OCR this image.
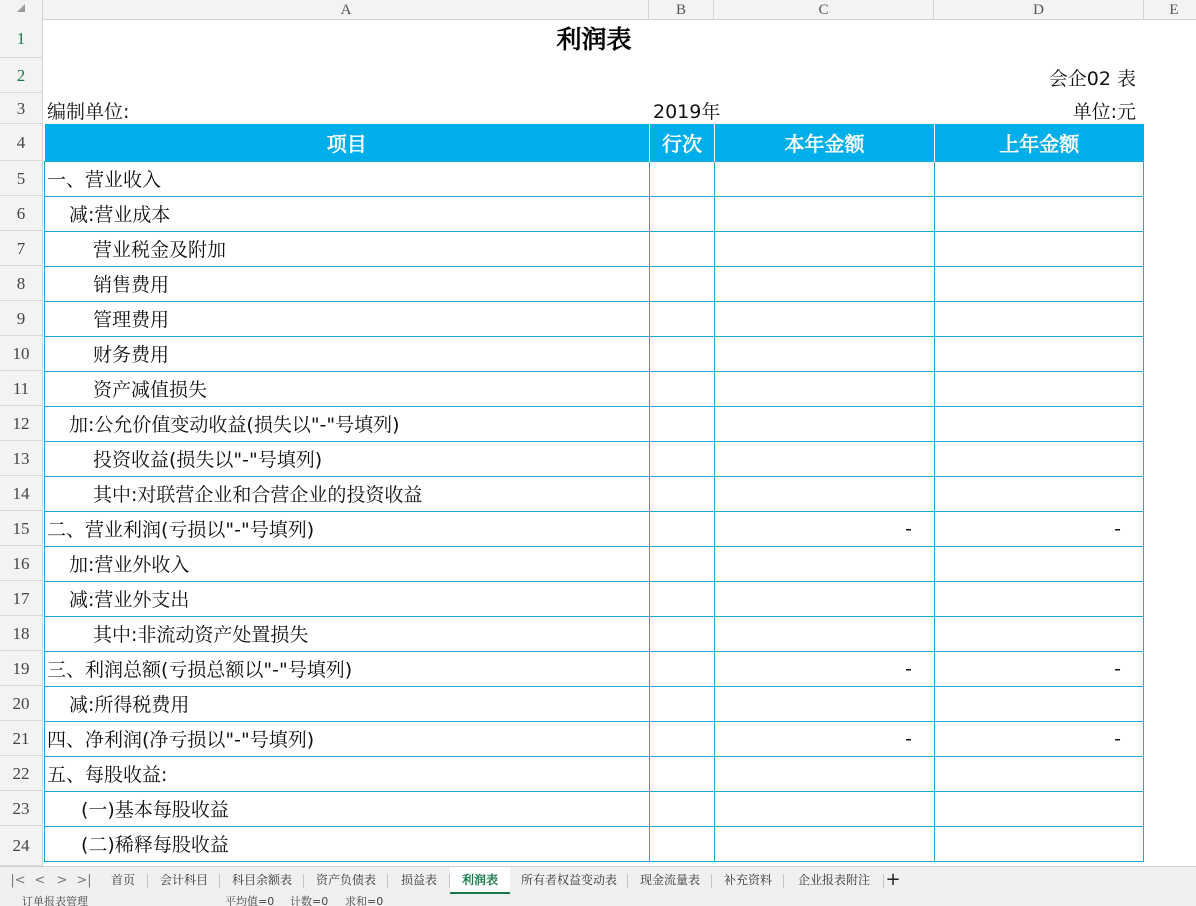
A	B	C	D	E
1
2
3
4
5
6
7
8
9
10
11
12
13
14
15
16
17
18
19
20
21
22
23
24
利润表
会企02 表
编制单位:	2019年	单位:元
项目	行次	本年金额	上年金额
一、营业收入			
减:营业成本			
营业税金及附加			
销售费用			
管理费用			
财务费用			
资产减值损失			
加:公允价值变动收益(损失以"-"号填列)			
投资收益(损失以"-"号填列)			
其中:对联营企业和合营企业的投资收益			
二、营业利润(亏损以"-"号填列)		-	-
加:营业外收入			
减:营业外支出			
其中:非流动资产处置损失			
三、利润总额(亏损总额以"-"号填列)		-	-
减:所得税费用			
四、净利润(净亏损以"-"号填列)		-	-
五、每股收益:			
(一)基本每股收益			
(二)稀释每股收益			
|< < > >|	首页	会计科目	科目余额表	资产负债表	损益表	利润表	所有者权益变动表	现金流量表	补充资料	企业报表附注 +
订单报表管理	平均值=0 计数=0 求和=0
